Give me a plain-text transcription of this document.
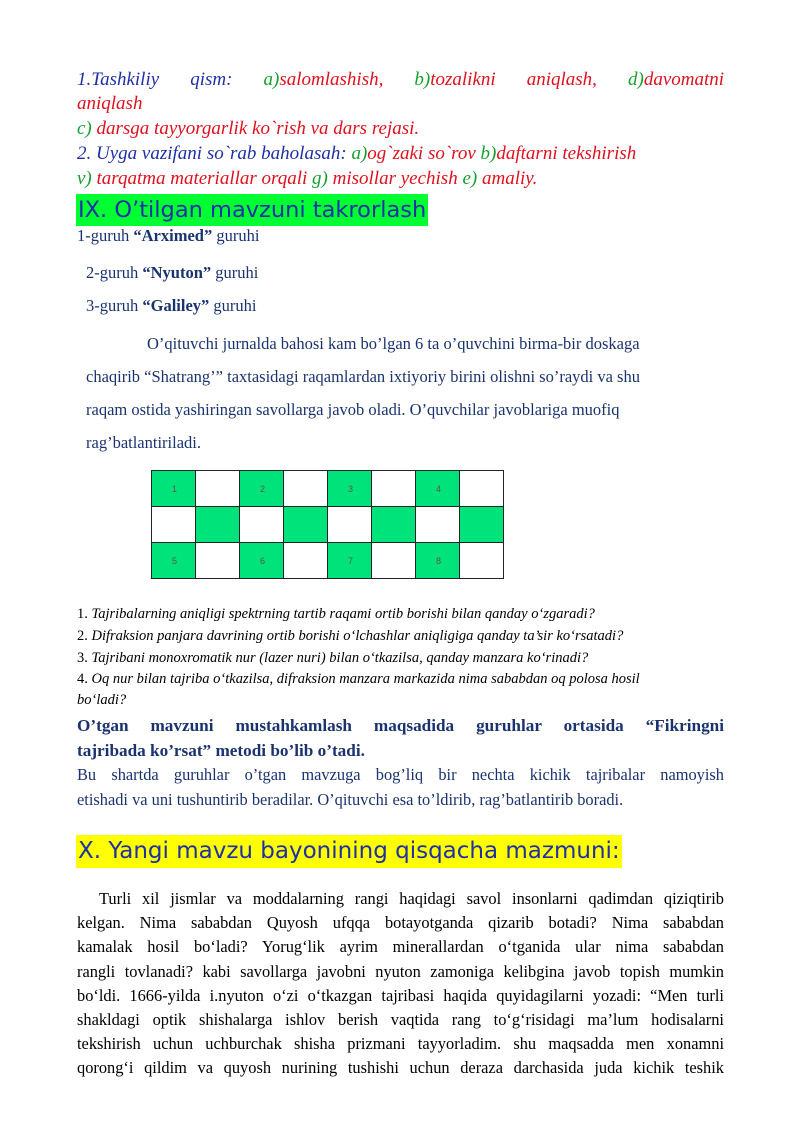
1.Tashkiliy qism: a)salomlashish, b)tozalikni aniqlash, d)davomatni
aniqlash
c) darsga tayyorgarlik ko`rish va dars rejasi.
2. Uyga vazifani so`rab baholasah: a)og`zaki so`rov b)daftarni tekshirish
v) tarqatma materiallar orqali g) misollar yechish e) amaliy.
IX. O’tilgan mavzuni takrorlash
1-guruh “Arximed” guruhi
2-guruh “Nyuton” guruhi
3-guruh “Galiley” guruhi
O’qituvchi jurnalda bahosi kam bo’lgan 6 ta o’quvchini birma-bir doskaga
chaqirib “Shatrang’” taxtasidagi raqamlardan ixtiyoriy birini olishni so’raydi va shu
raqam ostida yashiringan savollarga javob oladi. O’quvchilar javoblariga muofiq
rag’batlantiriladi.
1		2		3		4	

5		6		7		8	

1. Tajribalarning aniqligi spektrning tartib raqami ortib borishi bilan qanday o‘zgaradi?
2. Difraksion panjara davrining ortib borishi o‘lchashlar aniqligiga qanday ta’sir ko‘rsatadi?
3. Tajribani monoxromatik nur (lazer nuri) bilan o‘tkazilsa, qanday manzara ko‘rinadi?
4. Oq nur bilan tajriba o‘tkazilsa, difraksion manzara markazida nima sababdan oq polosa hosil
bo‘ladi?
O’tgan mavzuni mustahkamlash maqsadida guruhlar ortasida “Fikringni
tajribada ko’rsat” metodi bo’lib o’tadi.
Bu shartda guruhlar o’tgan mavzuga bog’liq bir nechta kichik tajribalar namoyish
etishadi va uni tushuntirib beradilar. O’qituvchi esa to’ldirib, rag’batlantirib boradi.
X. Yangi mavzu bayonining qisqacha mazmuni:
Turli xil jismlar va moddalarning rangi haqidagi savol insonlarni qadimdan qiziqtirib
kelgan. Nima sababdan Quyosh ufqqa botayotganda qizarib botadi? Nima sababdan
kamalak hosil bo‘ladi? Yorug‘lik ayrim minerallardan o‘tganida ular nima sababdan
rangli tovlanadi? kabi savollarga javobni nyuton zamoniga kelibgina javob topish mumkin
bo‘ldi. 1666-yilda i.nyuton o‘zi o‘tkazgan tajribasi haqida quyidagilarni yozadi: “Men turli
shakldagi optik shishalarga ishlov berish vaqtida rang to‘g‘risidagi ma’lum hodisalarni
tekshirish uchun uchburchak shisha prizmani tayyorladim. shu maqsadda men xonamni
qorong‘i qildim va quyosh nurining tushishi uchun deraza darchasida juda kichik teshik
